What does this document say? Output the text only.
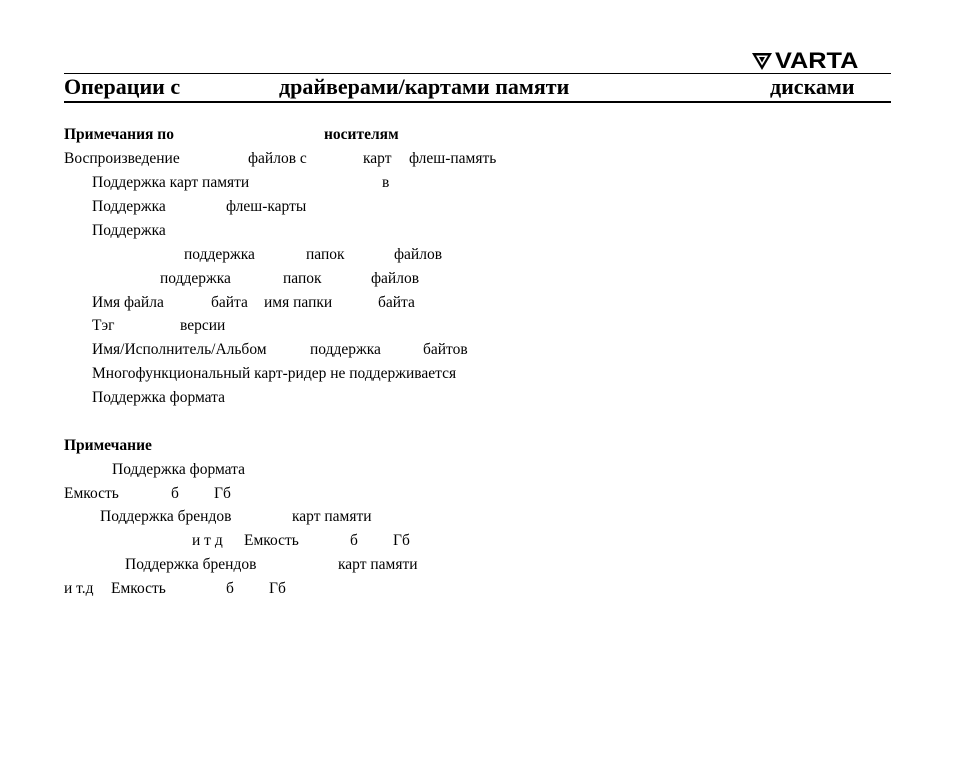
VARTA
Операции с	драйверами/картами памяти	дисками
Примечания по	носителям
Воспроизведение	файлов с	карт флеш-память
Поддержка карт памяти	в
Поддержка	флеш-карты
Поддержка
поддержка	папок	файлов
поддержка	папок	файлов
Имя файла	байта имя папки	байта
Тэг	версии
Имя/Исполнитель/Альбом	поддержка	байтов
Многофункциональный карт-ридер не поддерживается
Поддержка формата
Примечание
Поддержка формата
Емкость	б Гб
Поддержка брендов	карт памяти
и т д Емкость	б Гб
Поддержка брендов	карт памяти
и т.д Емкость	б Гб
